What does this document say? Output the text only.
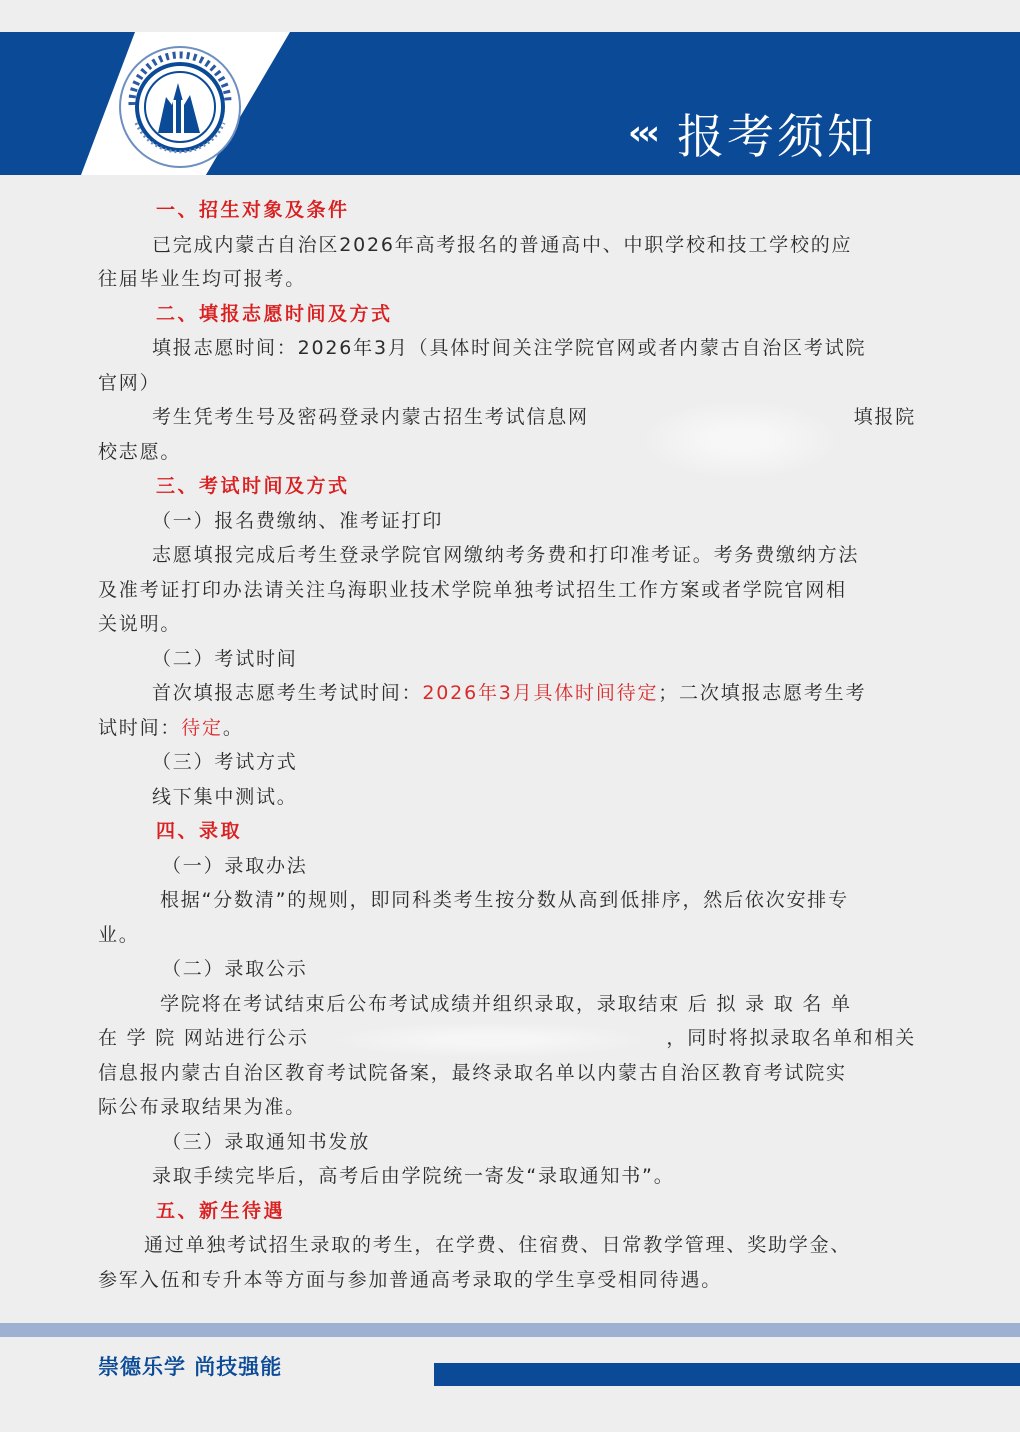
‹‹‹ 报考须知
一、招生对象及条件
已完成内蒙古自治区2026年高考报名的普通高中、中职学校和技工学校的应
往届毕业生均可报考。
二、填报志愿时间及方式
填报志愿时间：2026年3月（具体时间关注学院官网或者内蒙古自治区考试院
官网）
考生凭考生号及密码登录内蒙古招生考试信息网	填报院
校志愿。
三、考试时间及方式
（一）报名费缴纳、准考证打印
志愿填报完成后考生登录学院官网缴纳考务费和打印准考证。考务费缴纳方法
及准考证打印办法请关注乌海职业技术学院单独考试招生工作方案或者学院官网相
关说明。
（二）考试时间
首次填报志愿考生考试时间：2026年3月具体时间待定；二次填报志愿考生考
试时间：待定。
（三）考试方式
线下集中测试。
四、录取
（一）录取办法
根据“分数清”的规则，即同科类考生按分数从高到低排序，然后依次安排专
业。
（二）录取公示
学院将在考试结束后公布考试成绩并组织录取，录取结束 后 拟 录 取 名 单
在 学 院 网站进行公示	，同时将拟录取名单和相关
信息报内蒙古自治区教育考试院备案，最终录取名单以内蒙古自治区教育考试院实
际公布录取结果为准。
（三）录取通知书发放
录取手续完毕后，高考后由学院统一寄发“录取通知书”。
五、新生待遇
通过单独考试招生录取的考生，在学费、住宿费、日常教学管理、奖助学金、
参军入伍和专升本等方面与参加普通高考录取的学生享受相同待遇。
崇德乐学 尚技强能
